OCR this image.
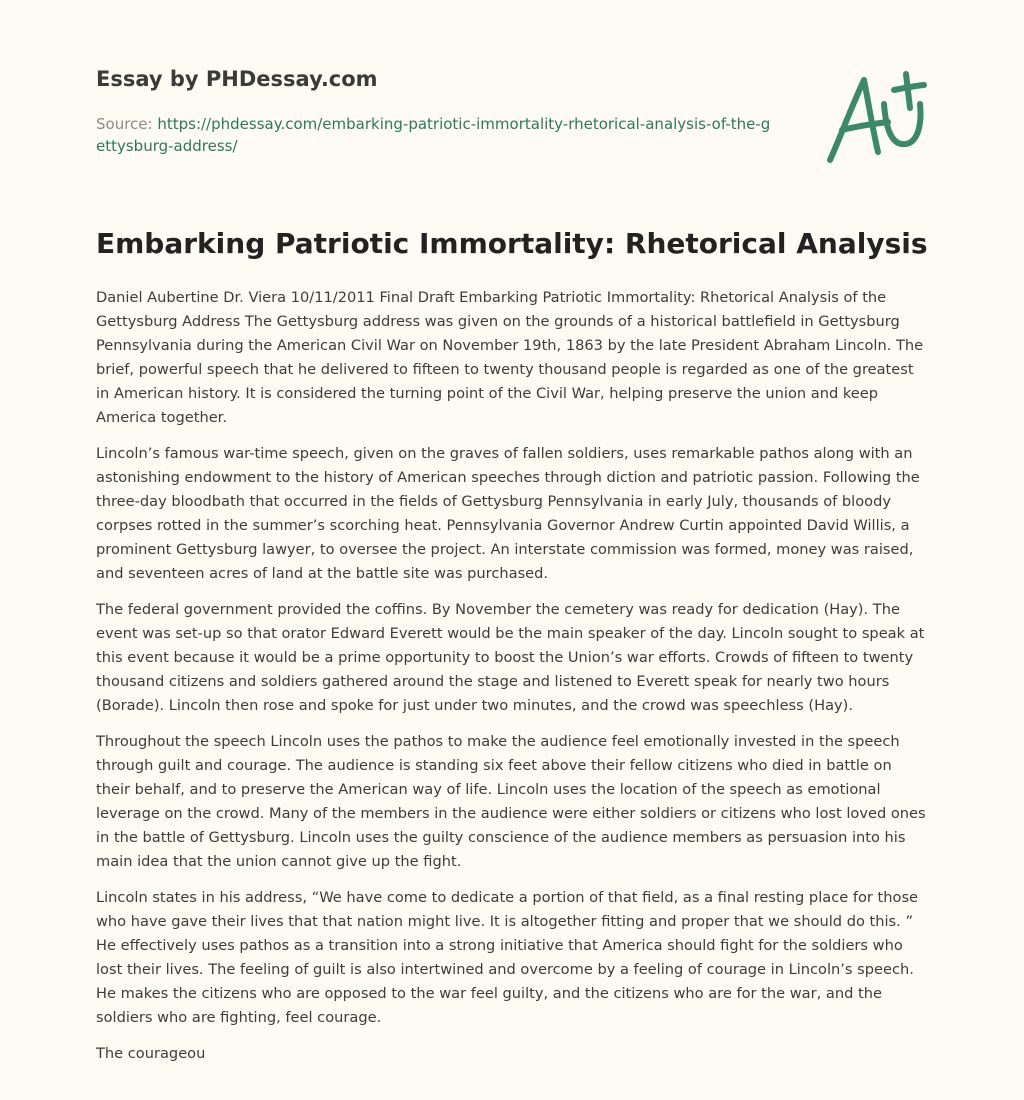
Essay by PHDessay.com

Source: https://phdessay.com/embarking-patriotic-immortality-rhetorical-analysis-of-the-gettysburg-address/

Embarking Patriotic Immortality: Rhetorical Analysis

Daniel Aubertine Dr. Viera 10/11/2011 Final Draft Embarking Patriotic Immortality: Rhetorical Analysis of the Gettysburg Address The Gettysburg address was given on the grounds of a historical battlefield in Gettysburg Pennsylvania during the American Civil War on November 19th, 1863 by the late President Abraham Lincoln. The brief, powerful speech that he delivered to fifteen to twenty thousand people is regarded as one of the greatest in American history. It is considered the turning point of the Civil War, helping preserve the union and keep America together.

Lincoln’s famous war-time speech, given on the graves of fallen soldiers, uses remarkable pathos along with an astonishing endowment to the history of American speeches through diction and patriotic passion. Following the three-day bloodbath that occurred in the fields of Gettysburg Pennsylvania in early July, thousands of bloody corpses rotted in the summer’s scorching heat. Pennsylvania Governor Andrew Curtin appointed David Willis, a prominent Gettysburg lawyer, to oversee the project. An interstate commission was formed, money was raised, and seventeen acres of land at the battle site was purchased.

The federal government provided the coffins. By November the cemetery was ready for dedication (Hay). The event was set-up so that orator Edward Everett would be the main speaker of the day. Lincoln sought to speak at this event because it would be a prime opportunity to boost the Union’s war efforts. Crowds of fifteen to twenty thousand citizens and soldiers gathered around the stage and listened to Everett speak for nearly two hours (Borade). Lincoln then rose and spoke for just under two minutes, and the crowd was speechless (Hay).

Throughout the speech Lincoln uses the pathos to make the audience feel emotionally invested in the speech through guilt and courage. The audience is standing six feet above their fellow citizens who died in battle on their behalf, and to preserve the American way of life. Lincoln uses the location of the speech as emotional leverage on the crowd. Many of the members in the audience were either soldiers or citizens who lost loved ones in the battle of Gettysburg. Lincoln uses the guilty conscience of the audience members as persuasion into his main idea that the union cannot give up the fight.

Lincoln states in his address, “We have come to dedicate a portion of that field, as a final resting place for those who have gave their lives that that nation might live. It is altogether fitting and proper that we should do this. ” He effectively uses pathos as a transition into a strong initiative that America should fight for the soldiers who lost their lives. The feeling of guilt is also intertwined and overcome by a feeling of courage in Lincoln’s speech. He makes the citizens who are opposed to the war feel guilty, and the citizens who are for the war, and the soldiers who are fighting, feel courage.

The courageou
